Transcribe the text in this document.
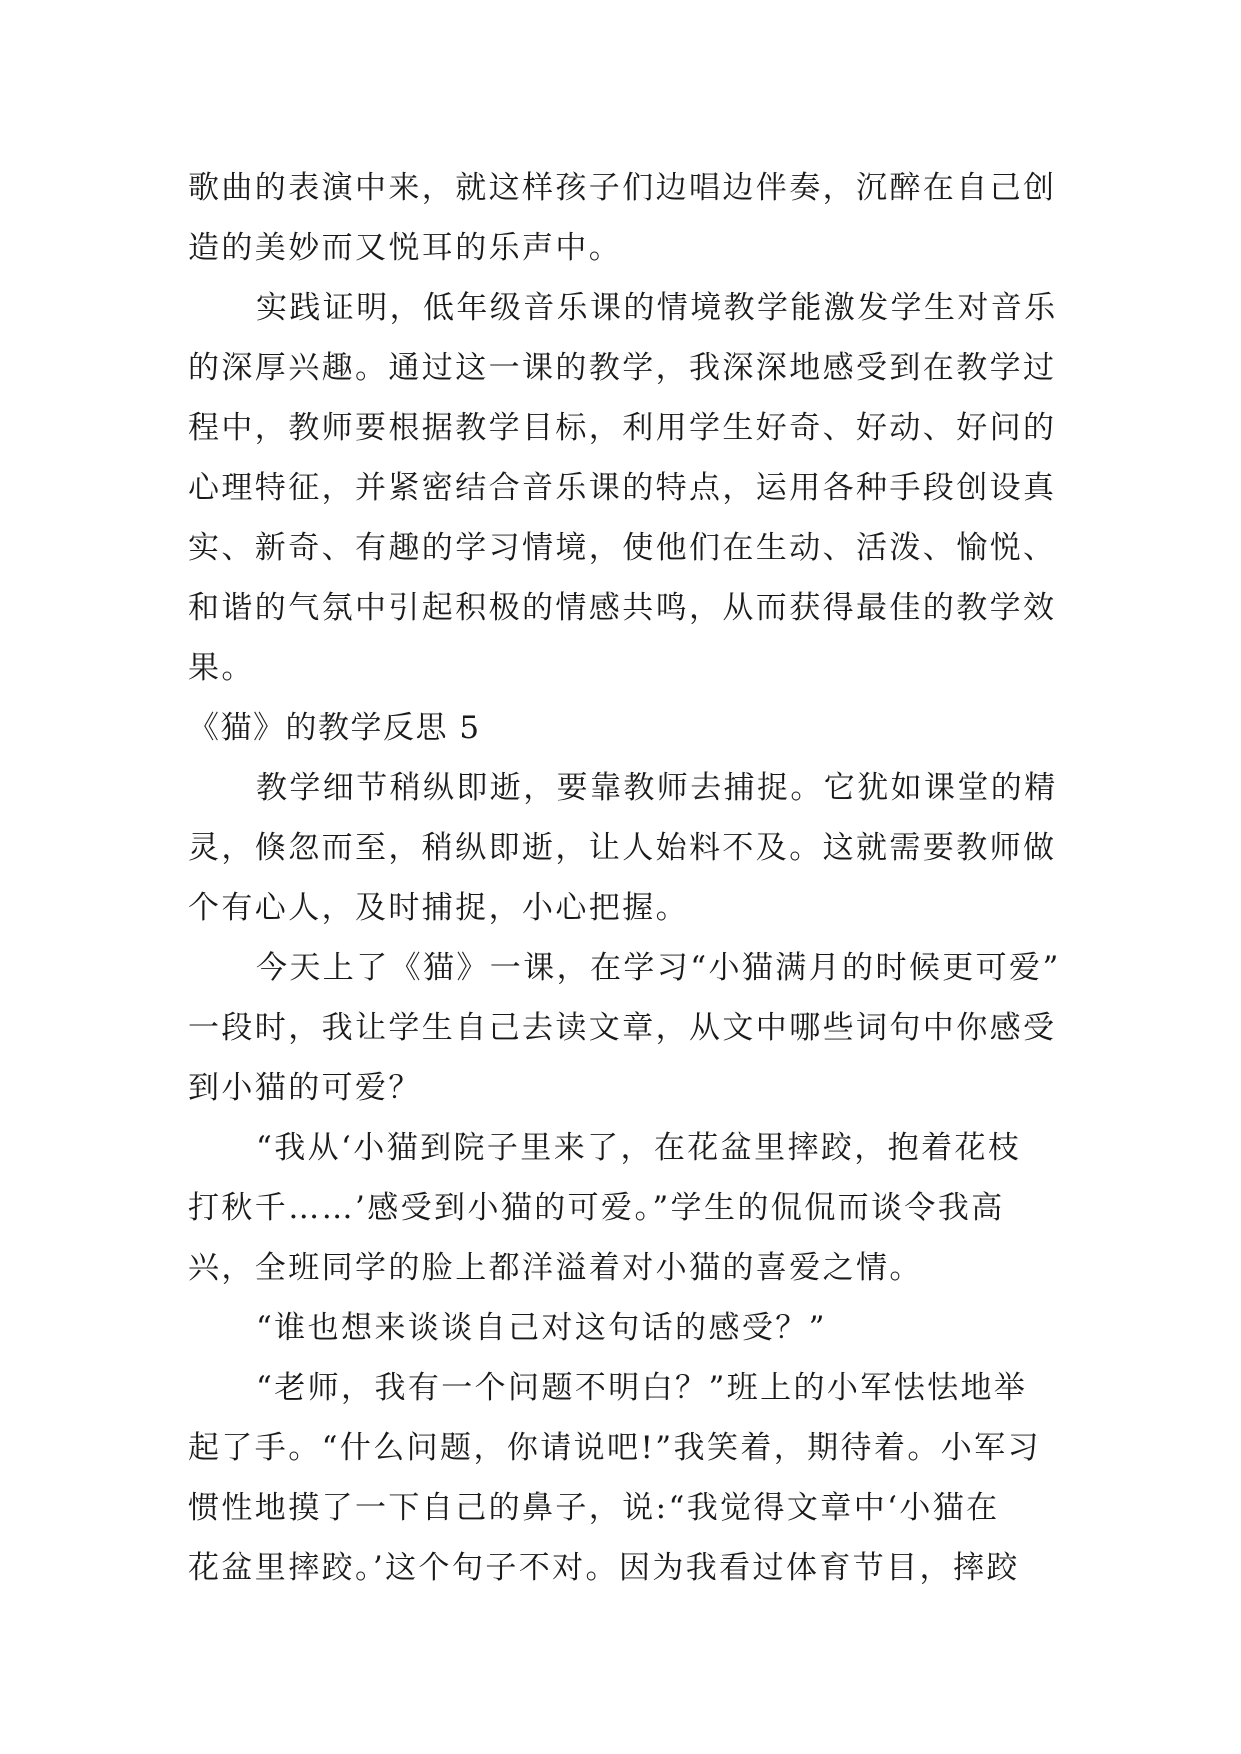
歌曲的表演中来，就这样孩子们边唱边伴奏，沉醉在自己创
造的美妙而又悦耳的乐声中。
实践证明，低年级音乐课的情境教学能激发学生对音乐
的深厚兴趣。通过这一课的教学，我深深地感受到在教学过
程中，教师要根据教学目标，利用学生好奇、好动、好问的
心理特征，并紧密结合音乐课的特点，运用各种手段创设真
实、新奇、有趣的学习情境，使他们在生动、活泼、愉悦、
和谐的气氛中引起积极的情感共鸣，从而获得最佳的教学效
果。
《猫》的教学反思 5
教学细节稍纵即逝，要靠教师去捕捉。它犹如课堂的精
灵，倏忽而至，稍纵即逝，让人始料不及。这就需要教师做
个有心人，及时捕捉，小心把握。
今天上了《猫》一课，在学习“小猫满月的时候更可爱”
一段时，我让学生自己去读文章，从文中哪些词句中你感受
到小猫的可爱？
“我从‘小猫到院子里来了，在花盆里摔跤，抱着花枝
打秋千……’感受到小猫的可爱。”学生的侃侃而谈令我高
兴，全班同学的脸上都洋溢着对小猫的喜爱之情。
“谁也想来谈谈自己对这句话的感受？”
“老师，我有一个问题不明白？”班上的小军怯怯地举
起了手。“什么问题，你请说吧!”我笑着，期待着。小军习
惯性地摸了一下自己的鼻子，说:“我觉得文章中‘小猫在
花盆里摔跤。’这个句子不对。因为我看过体育节目，摔跤
